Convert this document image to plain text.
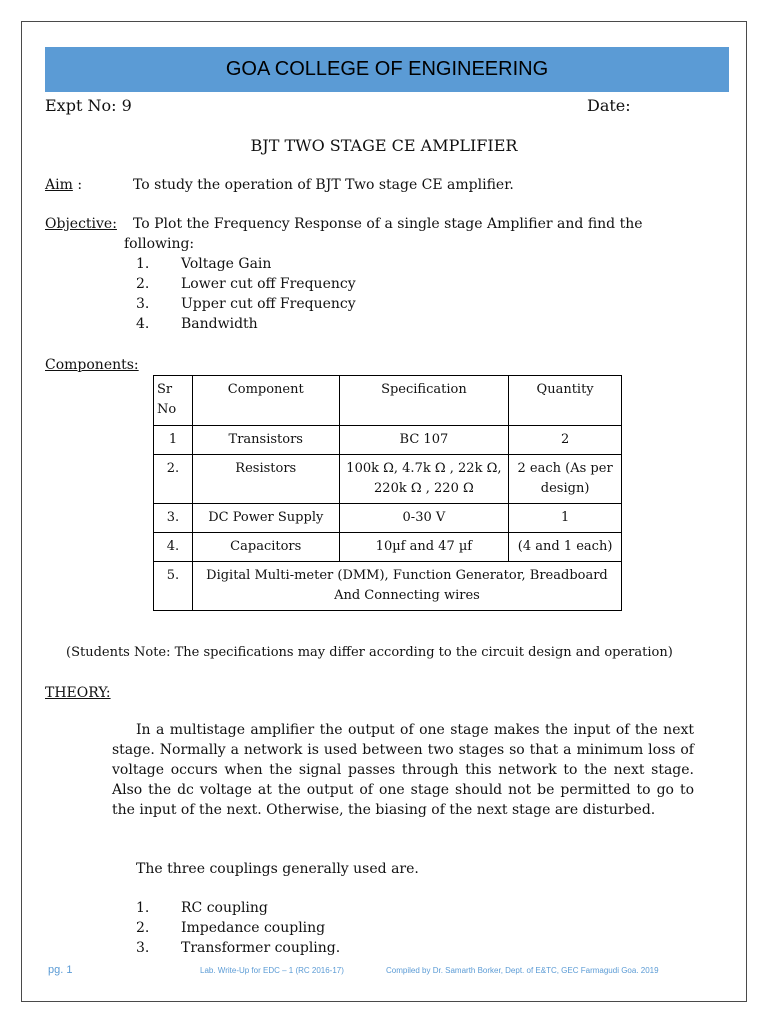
GOA COLLEGE OF ENGINEERING
Expt No: 9	Date:
BJT TWO STAGE CE AMPLIFIER
Aim :	To study the operation of BJT Two stage CE amplifier.
Objective: To Plot the Frequency Response of a single stage Amplifier and find the
following:
1. Voltage Gain
2. Lower cut off Frequency
3. Upper cut off Frequency
4. Bandwidth
Components:
Sr No	Component	Specification	Quantity
1	Transistors	BC 107	2
2.	Resistors	100k Ω, 4.7k Ω , 22k Ω, 220k Ω , 220 Ω	2 each (As per design)
3.	DC Power Supply	0-30 V	1
4.	Capacitors	10µf and 47 µf	(4 and 1 each)
5.	Digital Multi-meter (DMM), Function Generator, Breadboard And Connecting wires		
(Students Note: The specifications may differ according to the circuit design and operation)
THEORY:
In a multistage amplifier the output of one stage makes the input of the next stage. Normally a network is used between two stages so that a minimum loss of voltage occurs when the signal passes through this network to the next stage. Also the dc voltage at the output of one stage should not be permitted to go to the input of the next. Otherwise, the biasing of the next stage are disturbed.
The three couplings generally used are.
1. RC coupling
2. Impedance coupling
3. Transformer coupling.
pg. 1	Lab. Write-Up for EDC – 1 (RC 2016-17)	Compiled by Dr. Samarth Borker, Dept. of E&TC, GEC Farmagudi Goa. 2019
